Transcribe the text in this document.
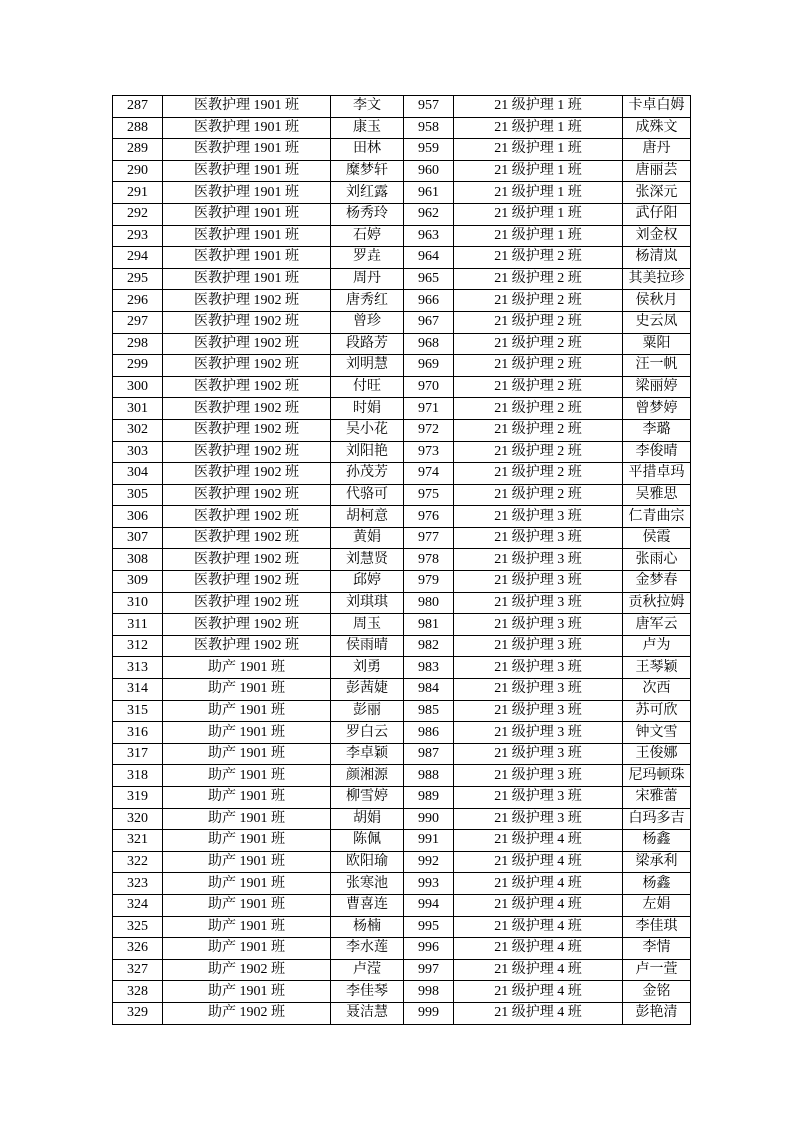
287	医教护理 1901 班	李文	957	21 级护理 1 班	卡卓白姆
288	医教护理 1901 班	康玉	958	21 级护理 1 班	成殊文
289	医教护理 1901 班	田林	959	21 级护理 1 班	唐丹
290	医教护理 1901 班	糜梦轩	960	21 级护理 1 班	唐丽芸
291	医教护理 1901 班	刘红露	961	21 级护理 1 班	张深元
292	医教护理 1901 班	杨秀玲	962	21 级护理 1 班	武仔阳
293	医教护理 1901 班	石婷	963	21 级护理 1 班	刘金权
294	医教护理 1901 班	罗垚	964	21 级护理 2 班	杨清岚
295	医教护理 1901 班	周丹	965	21 级护理 2 班	其美拉珍
296	医教护理 1902 班	唐秀红	966	21 级护理 2 班	侯秋月
297	医教护理 1902 班	曾珍	967	21 级护理 2 班	史云凤
298	医教护理 1902 班	段路芳	968	21 级护理 2 班	粟阳
299	医教护理 1902 班	刘明慧	969	21 级护理 2 班	汪一帆
300	医教护理 1902 班	付旺	970	21 级护理 2 班	梁丽婷
301	医教护理 1902 班	时娟	971	21 级护理 2 班	曾梦婷
302	医教护理 1902 班	吴小花	972	21 级护理 2 班	李璐
303	医教护理 1902 班	刘阳艳	973	21 级护理 2 班	李俊晴
304	医教护理 1902 班	孙茂芳	974	21 级护理 2 班	平措卓玛
305	医教护理 1902 班	代骆可	975	21 级护理 2 班	吴雅思
306	医教护理 1902 班	胡柯意	976	21 级护理 3 班	仁青曲宗
307	医教护理 1902 班	黄娟	977	21 级护理 3 班	侯霞
308	医教护理 1902 班	刘慧贤	978	21 级护理 3 班	张雨心
309	医教护理 1902 班	邱婷	979	21 级护理 3 班	金梦春
310	医教护理 1902 班	刘琪琪	980	21 级护理 3 班	贡秋拉姆
311	医教护理 1902 班	周玉	981	21 级护理 3 班	唐军云
312	医教护理 1902 班	侯雨晴	982	21 级护理 3 班	卢为
313	助产 1901 班	刘勇	983	21 级护理 3 班	王琴颖
314	助产 1901 班	彭茜婕	984	21 级护理 3 班	次西
315	助产 1901 班	彭丽	985	21 级护理 3 班	苏可欣
316	助产 1901 班	罗白云	986	21 级护理 3 班	钟文雪
317	助产 1901 班	李卓颖	987	21 级护理 3 班	王俊娜
318	助产 1901 班	颜湘源	988	21 级护理 3 班	尼玛顿珠
319	助产 1901 班	柳雪婷	989	21 级护理 3 班	宋雅蕾
320	助产 1901 班	胡娟	990	21 级护理 3 班	白玛多吉
321	助产 1901 班	陈佩	991	21 级护理 4 班	杨鑫
322	助产 1901 班	欧阳瑜	992	21 级护理 4 班	梁承利
323	助产 1901 班	张寒池	993	21 级护理 4 班	杨鑫
324	助产 1901 班	曹喜连	994	21 级护理 4 班	左娟
325	助产 1901 班	杨楠	995	21 级护理 4 班	李佳琪
326	助产 1901 班	李水莲	996	21 级护理 4 班	李情
327	助产 1902 班	卢滢	997	21 级护理 4 班	卢一萱
328	助产 1901 班	李佳琴	998	21 级护理 4 班	金铭
329	助产 1902 班	聂洁慧	999	21 级护理 4 班	彭艳清
